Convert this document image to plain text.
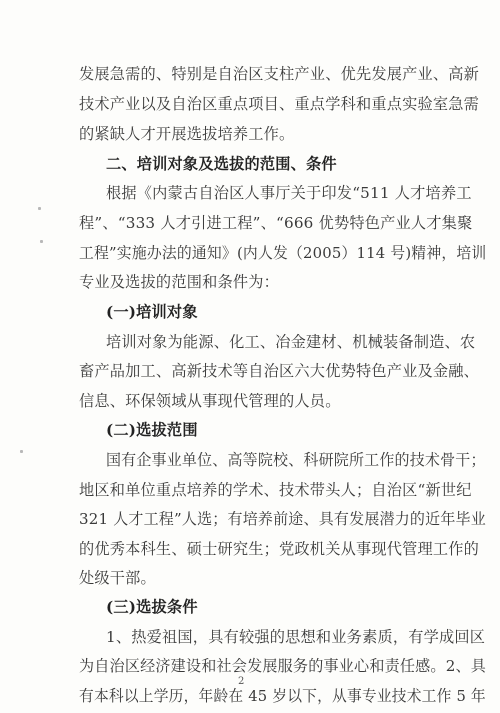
发展急需的、特别是自治区支柱产业、优先发展产业、高新
技术产业以及自治区重点项目、重点学科和重点实验室急需
的紧缺人才开展选拔培养工作。
二、培训对象及选拔的范围、条件
根据《内蒙古自治区人事厅关于印发“511 人才培养工
程”、“333 人才引进工程”、“666 优势特色产业人才集聚
工程”实施办法的通知》(内人发（2005）114 号)精神，培训
专业及选拔的范围和条件为：
(一)培训对象
培训对象为能源、化工、冶金建材、机械装备制造、农
畜产品加工、高新技术等自治区六大优势特色产业及金融、
信息、环保领域从事现代管理的人员。
(二)选拔范围
国有企事业单位、高等院校、科研院所工作的技术骨干；
地区和单位重点培养的学术、技术带头人；自治区“新世纪
321 人才工程”人选；有培养前途、具有发展潜力的近年毕业
的优秀本科生、硕士研究生；党政机关从事现代管理工作的
处级干部。
(三)选拔条件
1、热爱祖国，具有较强的思想和业务素质，有学成回区
为自治区经济建设和社会发展服务的事业心和责任感。2、具
有本科以上学历，年龄在 45 岁以下，从事专业技术工作 5 年
2
